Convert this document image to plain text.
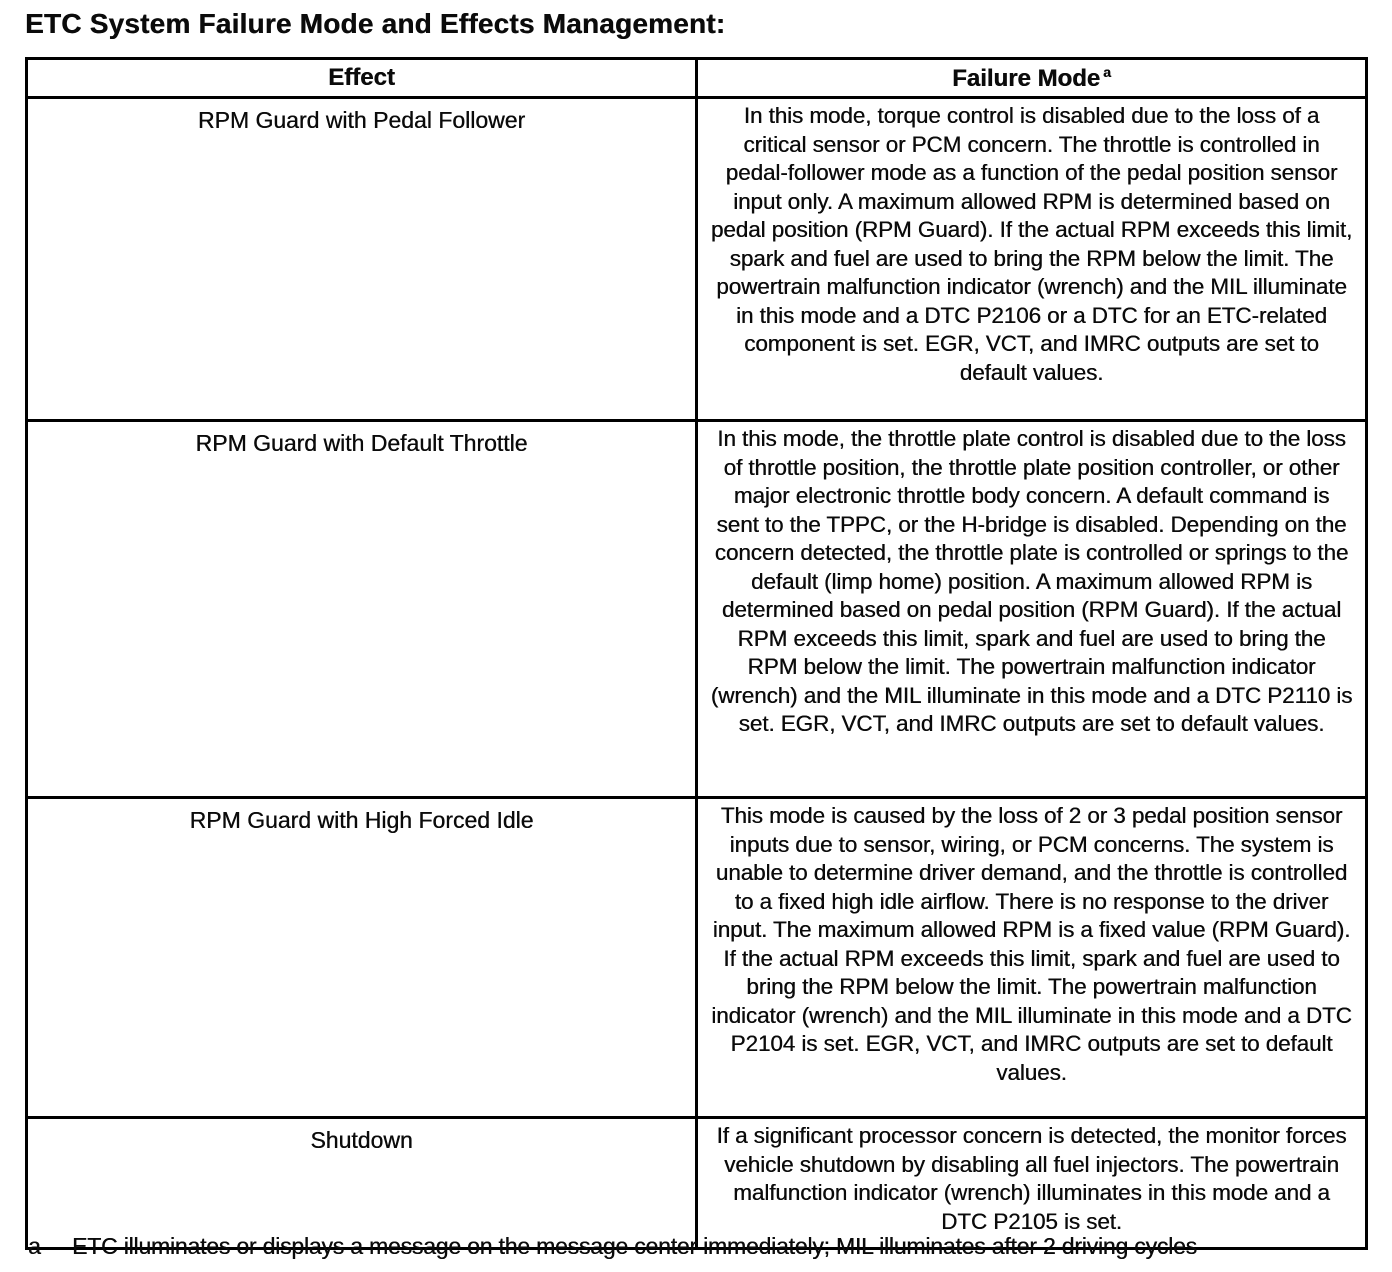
ETC System Failure Mode and Effects Management:
Effect	Failure Mode $^a$
RPM Guard with Pedal Follower	In this mode, torque control is disabled due to the loss of a critical sensor or PCM concern. The throttle is controlled in pedal-follower mode as a function of the pedal position sensor input only. A maximum allowed RPM is determined based on pedal position (RPM Guard). If the actual RPM exceeds this limit, spark and fuel are used to bring the RPM below the limit. The powertrain malfunction indicator (wrench) and the MIL illuminate in this mode and a DTC P2106 or a DTC for an ETC-related component is set. EGR, VCT, and IMRC outputs are set to default values.
RPM Guard with Default Throttle	In this mode, the throttle plate control is disabled due to the loss of throttle position, the throttle plate position controller, or other major electronic throttle body concern. A default command is sent to the TPPC, or the H-bridge is disabled. Depending on the concern detected, the throttle plate is controlled or springs to the default (limp home) position. A maximum allowed RPM is determined based on pedal position (RPM Guard). If the actual RPM exceeds this limit, spark and fuel are used to bring the RPM below the limit. The powertrain malfunction indicator (wrench) and the MIL illuminate in this mode and a DTC P2110 is set. EGR, VCT, and IMRC outputs are set to default values.
RPM Guard with High Forced Idle	This mode is caused by the loss of 2 or 3 pedal position sensor inputs due to sensor, wiring, or PCM concerns. The system is unable to determine driver demand, and the throttle is controlled to a fixed high idle airflow. There is no response to the driver input. The maximum allowed RPM is a fixed value (RPM Guard). If the actual RPM exceeds this limit, spark and fuel are used to bring the RPM below the limit. The powertrain malfunction indicator (wrench) and the MIL illuminate in this mode and a DTC P2104 is set. EGR, VCT, and IMRC outputs are set to default values.
Shutdown	If a significant processor concern is detected, the monitor forces vehicle shutdown by disabling all fuel injectors. The powertrain malfunction indicator (wrench) illuminates in this mode and a DTC P2105 is set.
a	ETC illuminates or displays a message on the message center immediately; MIL illuminates after 2 driving cycles
